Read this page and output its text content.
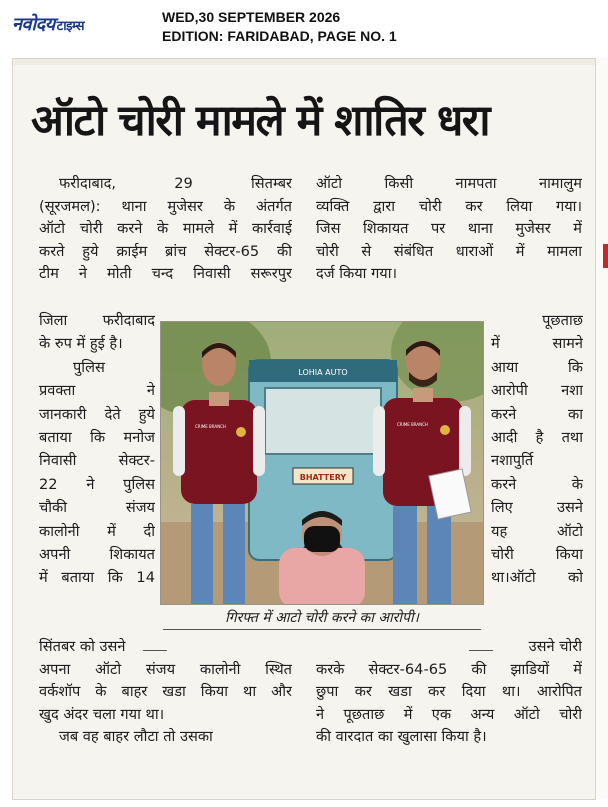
नवोदय टाइम्स
WED,30 SEPTEMBER 2026
EDITION: FARIDABAD, PAGE NO. 1
ऑटो चोरी मामले में शातिर धरा
फरीदाबाद, 29 सितम्बर
(सूरजमल): थाना मुजेसर के अंतर्गत
ऑटो चोरी करने के मामले में कार्रवाई
करते हुये क्राईम ब्रांच सेक्टर-65 की
टीम ने मोती चन्द निवासी सरूरपुर
ऑटो किसी नामपता नामालुम
व्यक्ति द्वारा चोरी कर लिया गया।
जिस शिकायत पर थाना मुजेसर में
चोरी से संबंधित धाराओं में मामला
दर्ज किया गया।
जिला फरीदाबाद
के रुप में हुई है।
पुलिस
प्रवक्ता ने
जानकारी देते हुये
बताया कि मनोज
निवासी सेक्टर-
22 ने पुलिस
चौकी संजय
कालोनी में दी
अपनी शिकायत
में बताया कि 14
पूछताछ
में सामने
आया कि
आरोपी नशा
करने का
आदी है तथा
नशापुर्ति
करने के
लिए उसने
यह ऑटो
चोरी किया
था।ऑटो को
LOHIA AUTO
BHATTERY
CRIME BRANCH	CRIME BRANCH
गिरफ्त में आटो चोरी करने का आरोपी।
सिंतबर को उसने
अपना ऑटो संजय कालोनी स्थित
वर्कशॉप के बाहर खडा किया था और
खुद अंदर चला गया था।
जब वह बाहर लौटा तो उसका
उसने चोरी
करके सेक्टर-64-65 की झाडियों में
छुपा कर खडा कर दिया था। आरोपित
ने पूछताछ में एक अन्य ऑटो चोरी
की वारदात का खुलासा किया है।
